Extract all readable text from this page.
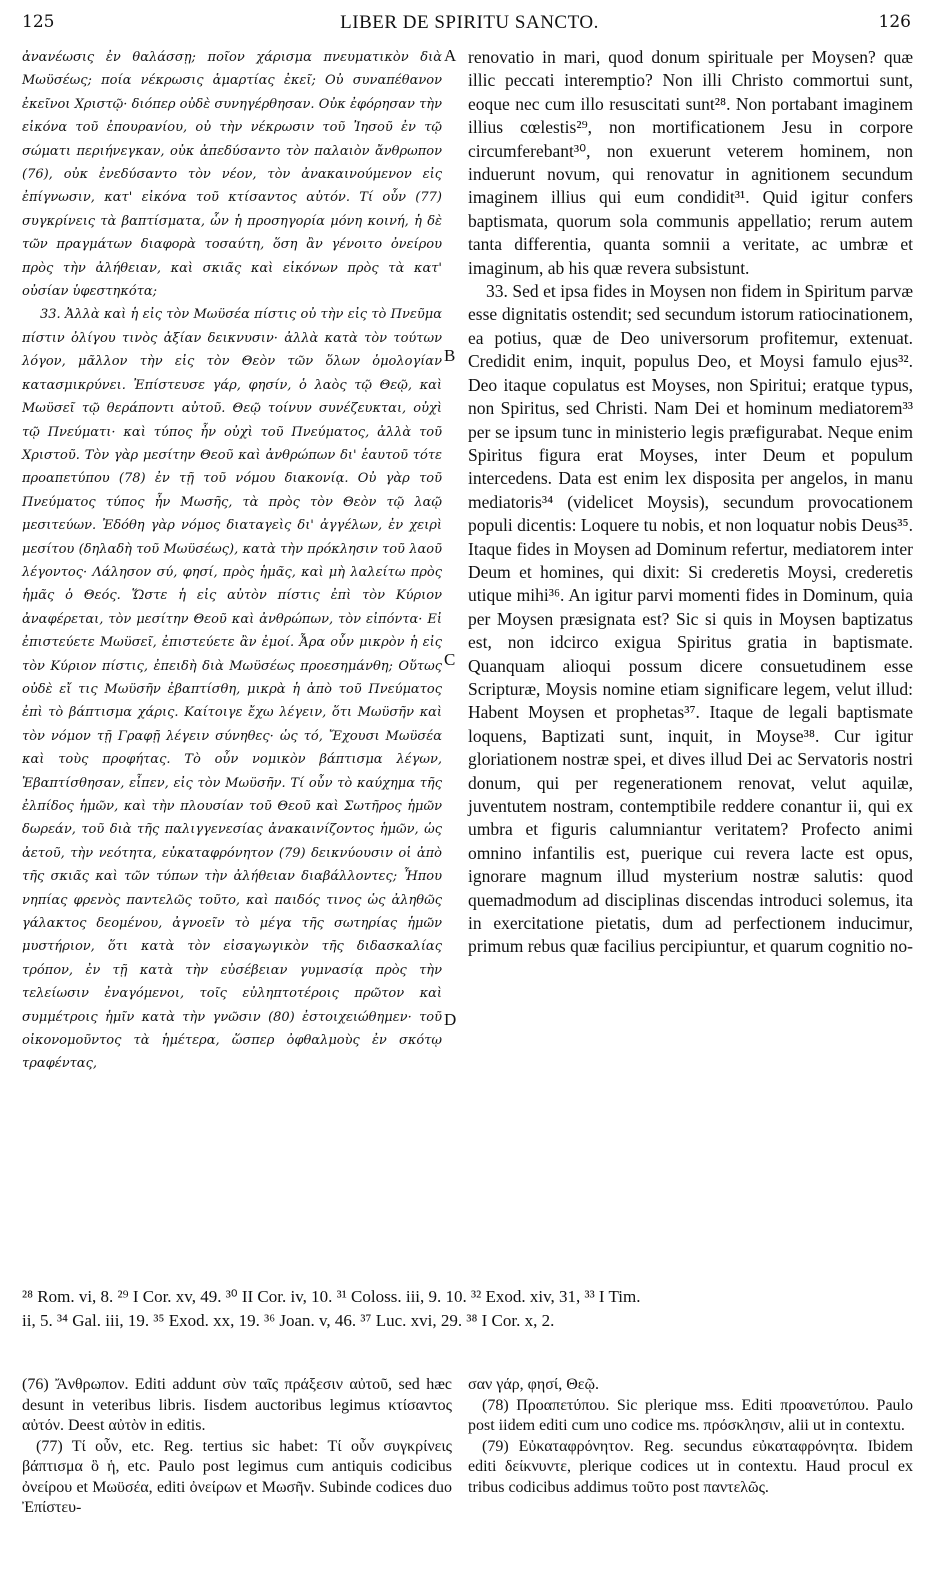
125	LIBER DE SPIRITU SANCTO.	126

ἀνανέωσις ἐν θαλάσσῃ; ποῖον χάρισμα πνευματικὸν διὰ Μωϋσέως; ποία νέκρωσις ἁμαρτίας ἐκεῖ; Οὐ συναπέθανον ἐκεῖνοι Χριστῷ· διόπερ οὐδὲ συνηγέρθησαν. Οὐκ ἐφόρησαν τὴν εἰκόνα τοῦ ἐπουρανίου, οὐ τὴν νέκρωσιν τοῦ Ἰησοῦ ἐν τῷ σώματι περιήνεγκαν, οὐκ ἀπεδύσαντο τὸν παλαιὸν ἄνθρωπον (76), οὐκ ἐνεδύσαντο τὸν νέον, τὸν ἀνακαινούμενον εἰς ἐπίγνωσιν, κατ' εἰκόνα τοῦ κτίσαντος αὐτόν. Τί οὖν (77) συγκρίνεις τὰ βαπτίσματα, ὧν ἡ προσηγορία μόνη κοινή, ἡ δὲ τῶν πραγμάτων διαφορὰ τοσαύτη, ὅση ἂν γένοιτο ὀνείρου πρὸς τὴν ἀλήθειαν, καὶ σκιᾶς καὶ εἰκόνων πρὸς τὰ κατ' οὐσίαν ὑφεστηκότα;

33. Ἀλλὰ καὶ ἡ εἰς τὸν Μωϋσέα πίστις οὐ τὴν εἰς τὸ Πνεῦμα πίστιν ὀλίγου τινὸς ἀξίαν δεικνυσιν· ἀλλὰ κατὰ τὸν τούτων λόγον, μᾶλλον τὴν εἰς τὸν Θεὸν τῶν ὅλων ὁμολογίαν κατασμικρύνει. Ἐπίστευσε γάρ, φησίν, ὁ λαὸς τῷ Θεῷ, καὶ Μωϋσεῖ τῷ θεράποντι αὐτοῦ. Θεῷ τοίνυν συνέζευκται, οὐχὶ τῷ Πνεύματι· καὶ τύπος ἦν οὐχὶ τοῦ Πνεύματος, ἀλλὰ τοῦ Χριστοῦ. Τὸν γὰρ μεσίτην Θεοῦ καὶ ἀνθρώπων δι' ἑαυτοῦ τότε προαπετύπου (78) ἐν τῇ τοῦ νόμου διακονίᾳ. Οὐ γὰρ τοῦ Πνεύματος τύπος ἦν Μωσῆς, τὰ πρὸς τὸν Θεὸν τῷ λαῷ μεσιτεύων. Ἐδόθη γὰρ νόμος διαταγεὶς δι' ἀγγέλων, ἐν χειρὶ μεσίτου (δηλαδὴ τοῦ Μωϋσέως), κατὰ τὴν πρόκλησιν τοῦ λαοῦ λέγοντος· Λάλησον σύ, φησί, πρὸς ἡμᾶς, καὶ μὴ λαλείτω πρὸς ἡμᾶς ὁ Θεός. Ὥστε ἡ εἰς αὐτὸν πίστις ἐπὶ τὸν Κύριον ἀναφέρεται, τὸν μεσίτην Θεοῦ καὶ ἀνθρώπων, τὸν εἰπόντα· Εἰ ἐπιστεύετε Μωϋσεῖ, ἐπιστεύετε ἂν ἐμοί. Ἆρα οὖν μικρὸν ἡ εἰς τὸν Κύριον πίστις, ἐπειδὴ διὰ Μωϋσέως προεσημάνθη; Οὕτως οὐδὲ εἴ τις Μωϋσῆν ἐβαπτίσθη, μικρὰ ἡ ἀπὸ τοῦ Πνεύματος ἐπὶ τὸ βάπτισμα χάρις. Καίτοιγε ἔχω λέγειν, ὅτι Μωϋσῆν καὶ τὸν νόμον τῇ Γραφῇ λέγειν σύνηθες· ὡς τό, Ἔχουσι Μωϋσέα καὶ τοὺς προφήτας. Τὸ οὖν νομικὸν βάπτισμα λέγων, Ἐβαπτίσθησαν, εἶπεν, εἰς τὸν Μωϋσῆν. Τί οὖν τὸ καύχημα τῆς ἐλπίδος ἡμῶν, καὶ τὴν πλουσίαν τοῦ Θεοῦ καὶ Σωτῆρος ἡμῶν δωρεάν, τοῦ διὰ τῆς παλιγγενεσίας ἀνακαινίζοντος ἡμῶν, ὡς ἀετοῦ, τὴν νεότητα, εὐκαταφρόνητον (79) δεικνύουσιν οἱ ἀπὸ τῆς σκιᾶς καὶ τῶν τύπων τὴν ἀλήθειαν διαβάλλοντες; Ἦπου νηπίας φρενὸς παντελῶς τοῦτο, καὶ παιδός τινος ὡς ἀληθῶς γάλακτος δεομένου, ἀγνοεῖν τὸ μέγα τῆς σωτηρίας ἡμῶν μυστήριον, ὅτι κατὰ τὸν εἰσαγωγικὸν τῆς διδασκαλίας τρόπον, ἐν τῇ κατὰ τὴν εὐσέβειαν γυμνασίᾳ πρὸς τὴν τελείωσιν ἐναγόμενοι, τοῖς εὐληπτοτέροις πρῶτον καὶ συμμέτροις ἡμῖν κατὰ τὴν γνῶσιν (80) ἐστοιχειώθημεν· τοῦ οἰκονομοῦντος τὰ ἡμέτερα, ὥσπερ ὀφθαλμοὺς ἐν σκότῳ τραφέντας,

A
B
C
D

renovatio in mari, quod donum spirituale per Moysen? quæ illic peccati interemptio? Non illi Christo commortui sunt, eoque nec cum illo resuscitati sunt²⁸. Non portabant imaginem illius cœlestis²⁹, non mortificationem Jesu in corpore circumferebant³⁰, non exuerunt veterem hominem, non induerunt novum, qui renovatur in agnitionem secundum imaginem illius qui eum condidit³¹. Quid igitur confers baptismata, quorum sola communis appellatio; rerum autem tanta differentia, quanta somnii a veritate, ac umbræ et imaginum, ab his quæ revera subsistunt.

33. Sed et ipsa fides in Moysen non fidem in Spiritum parvæ esse dignitatis ostendit; sed secundum istorum ratiocinationem, ea potius, quæ de Deo universorum profitemur, extenuat. Credidit enim, inquit, populus Deo, et Moysi famulo ejus³². Deo itaque copulatus est Moyses, non Spiritui; eratque typus, non Spiritus, sed Christi. Nam Dei et hominum mediatorem³³ per se ipsum tunc in ministerio legis præfigurabat. Neque enim Spiritus figura erat Moyses, inter Deum et populum intercedens. Data est enim lex disposita per angelos, in manu mediatoris³⁴ (videlicet Moysis), secundum provocationem populi dicentis: Loquere tu nobis, et non loquatur nobis Deus³⁵. Itaque fides in Moysen ad Dominum refertur, mediatorem inter Deum et homines, qui dixit: Si crederetis Moysi, crederetis utique mihi³⁶. An igitur parvi momenti fides in Dominum, quia per Moysen præsignata est? Sic si quis in Moysen baptizatus est, non idcirco exigua Spiritus gratia in baptismate. Quanquam alioqui possum dicere consuetudinem esse Scripturæ, Moysis nomine etiam significare legem, velut illud: Habent Moysen et prophetas³⁷. Itaque de legali baptismate loquens, Baptizati sunt, inquit, in Moyse³⁸. Cur igitur gloriationem nostræ spei, et dives illud Dei ac Servatoris nostri donum, qui per regenerationem renovat, velut aquilæ, juventutem nostram, contemptibile reddere conantur ii, qui ex umbra et figuris calumniantur veritatem? Profecto animi omnino infantilis est, puerique cui revera lacte est opus, ignorare magnum illud mysterium nostræ salutis: quod quemadmodum ad disciplinas discendas introduci solemus, ita in exercitatione pietatis, dum ad perfectionem inducimur, primum rebus quæ facilius percipiuntur, et quarum cognitio no-

²⁸ Rom. vi, 8. ²⁹ I Cor. xv, 49. ³⁰ II Cor. iv, 10. ³¹ Coloss. iii, 9. 10. ³² Exod. xiv, 31, ³³ I Tim.
ii, 5. ³⁴ Gal. iii, 19. ³⁵ Exod. xx, 19. ³⁶ Joan. v, 46. ³⁷ Luc. xvi, 29. ³⁸ I Cor. x, 2.

(76) Ἄνθρωπον. Editi addunt σὺν ταῖς πράξεσιν αὐτοῦ, sed hæc desunt in veteribus libris. Iisdem auctoribus legimus κτίσαντος αὐτόν. Deest αὐτὸν in editis.

(77) Τί οὖν, etc. Reg. tertius sic habet: Τί οὖν συγκρίνεις βάπτισμα ὃ ἡ, etc. Paulo post legimus cum antiquis codicibus ὀνείρου et Μωϋσέα, editi ὀνείρων et Μωσῆν. Subinde codices duo Ἐπίστευ-

σαν γάρ, φησί, Θεῷ.

(78) Προαπετύπου. Sic plerique mss. Editi προανετύπου. Paulo post iidem editi cum uno codice ms. πρόσκλησιν, alii ut in contextu.

(79) Εὐκαταφρόνητον. Reg. secundus εὐκαταφρόνητα. Ibidem editi δείκνυντε, plerique codices ut in contextu. Haud procul ex tribus codicibus addimus τοῦτο post παντελῶς.
